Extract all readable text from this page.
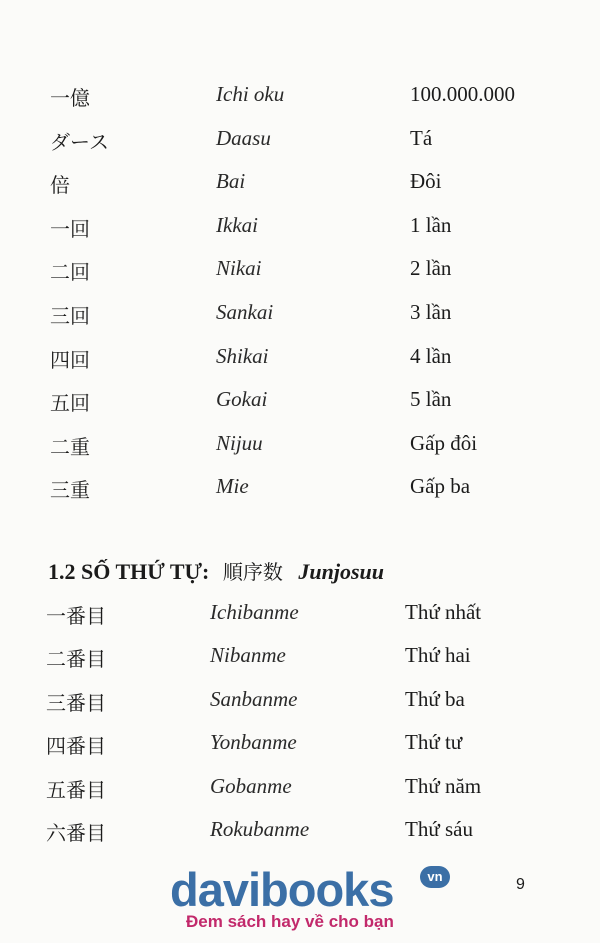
一億	Ichi oku	100.000.000
ダース	Daasu	Tá
倍	Bai	Đôi
一回	Ikkai	1 lần
二回	Nikai	2 lần
三回	Sankai	3 lần
四回	Shikai	4 lần
五回	Gokai	5 lần
二重	Nijuu	Gấp đôi
三重	Mie	Gấp ba
1.2 SỐ THỨ TỰ: 順序数 Junjosuu
一番目	Ichibanme	Thứ nhất
二番目	Nibanme	Thứ hai
三番目	Sanbanme	Thứ ba
四番目	Yonbanme	Thứ tư
五番目	Gobanme	Thứ năm
六番目	Rokubanme	Thứ sáu
9
davibooks	vn
Đem sách hay về cho bạn
